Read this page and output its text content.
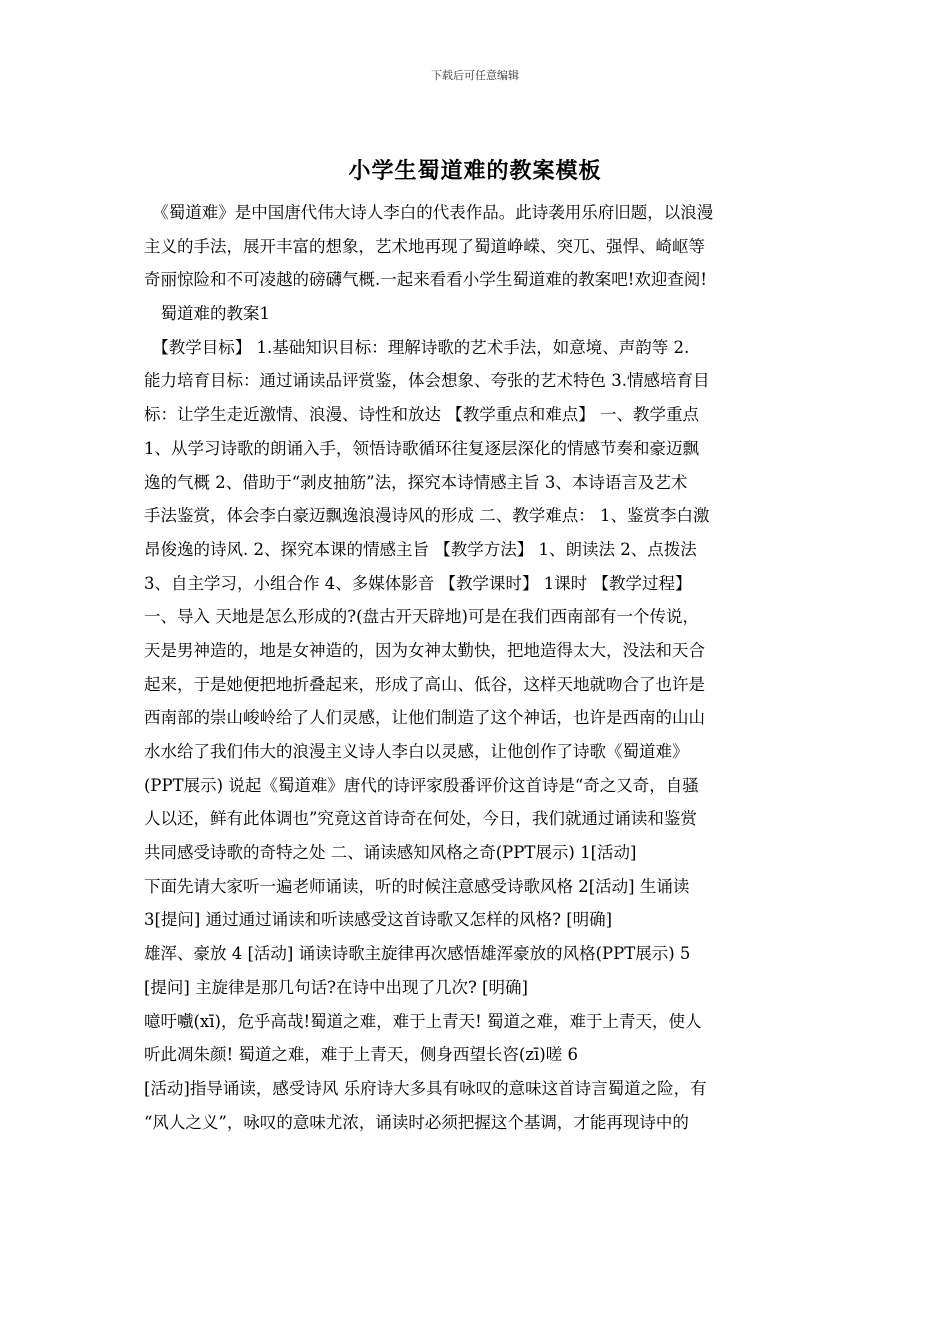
下载后可任意编辑
小学生蜀道难的教案模板
　《蜀道难》是中国唐代伟大诗人李白的代表作品。此诗袭用乐府旧题，以浪漫
主义的手法，展开丰富的想象，艺术地再现了蜀道峥嵘、突兀、强悍、崎岖等
奇丽惊险和不可凌越的磅礴气概.一起来看看小学生蜀道难的教案吧!欢迎查阅!
　蜀道难的教案1
　【教学目标】 1.基础知识目标：理解诗歌的艺术手法，如意境、声韵等 2.
能力培育目标：通过诵读品评赏鉴，体会想象、夸张的艺术特色 3.情感培育目
标：让学生走近激情、浪漫、诗性和放达 【教学重点和难点】 一、教学重点
1、从学习诗歌的朗诵入手，领悟诗歌循环往复逐层深化的情感节奏和豪迈飘
逸的气概 2、借助于“剥皮抽筋”法，探究本诗情感主旨 3、本诗语言及艺术
手法鉴赏，体会李白豪迈飘逸浪漫诗风的形成 二、教学难点： 1、鉴赏李白激
昂俊逸的诗风. 2、探究本课的情感主旨 【教学方法】 1、朗读法 2、点拨法
3、自主学习，小组合作 4、多媒体影音 【教学课时】 1课时 【教学过程】
一、导入 天地是怎么形成的?(盘古开天辟地)可是在我们西南部有一个传说，
天是男神造的，地是女神造的，因为女神太勤快，把地造得太大，没法和天合
起来，于是她便把地折叠起来，形成了高山、低谷，这样天地就吻合了也许是
西南部的崇山峻岭给了人们灵感，让他们制造了这个神话，也许是西南的山山
水水给了我们伟大的浪漫主义诗人李白以灵感，让他创作了诗歌《蜀道难》
(PPT展示) 说起《蜀道难》唐代的诗评家殷番评价这首诗是“奇之又奇，自骚
人以还，鲜有此体调也”究竟这首诗奇在何处，今日，我们就通过诵读和鉴赏
共同感受诗歌的奇特之处 二、诵读感知风格之奇(PPT展示) 1[活动]
下面先请大家听一遍老师诵读，听的时候注意感受诗歌风格 2[活动] 生诵读
3[提问] 通过通过诵读和听读感受这首诗歌又怎样的风格? [明确]
雄浑、豪放 4 [活动] 诵读诗歌主旋律再次感悟雄浑豪放的风格(PPT展示) 5
[提问] 主旋律是那几句话?在诗中出现了几次? [明确]
噫吁嚱(xī)，危乎高哉!蜀道之难，难于上青天! 蜀道之难，难于上青天，使人
听此凋朱颜! 蜀道之难，难于上青天，侧身西望长咨(zī)嗟 6
[活动]指导诵读，感受诗风 乐府诗大多具有咏叹的意味这首诗言蜀道之险，有
“风人之义”，咏叹的意味尤浓，诵读时必须把握这个基调，才能再现诗中的
